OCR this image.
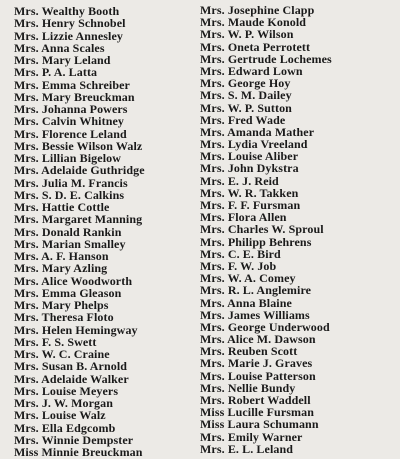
Mrs. Wealthy Booth
Mrs. Henry Schnobel
Mrs. Lizzie Annesley
Mrs. Anna Scales
Mrs. Mary Leland
Mrs. P. A. Latta
Mrs. Emma Schreiber
Mrs. Mary Breuckman
Mrs. Johanna Powers
Mrs. Calvin Whitney
Mrs. Florence Leland
Mrs. Bessie Wilson Walz
Mrs. Lillian Bigelow
Mrs. Adelaide Guthridge
Mrs. Julia M. Francis
Mrs. S. D. E. Calkins
Mrs. Hattie Cottle
Mrs. Margaret Manning
Mrs. Donald Rankin
Mrs. Marian Smalley
Mrs. A. F. Hanson
Mrs. Mary Azling
Mrs. Alice Woodworth
Mrs. Emma Gleason
Mrs. Mary Phelps
Mrs. Theresa Floto
Mrs. Helen Hemingway
Mrs. F. S. Swett
Mrs. W. C. Craine
Mrs. Susan B. Arnold
Mrs. Adelaide Walker
Mrs. Louise Meyers
Mrs. J. W. Morgan
Mrs. Louise Walz
Mrs. Ella Edgcomb
Mrs. Winnie Dempster
Miss Minnie Breuckman
Mrs. Josephine Clapp
Mrs. Maude Konold
Mrs. W. P. Wilson
Mrs. Oneta Perrotett
Mrs. Gertrude Lochemes
Mrs. Edward Lown
Mrs. George Hoy
Mrs. S. M. Dailey
Mrs. W. P. Sutton
Mrs. Fred Wade
Mrs. Amanda Mather
Mrs. Lydia Vreeland
Mrs. Louise Aliber
Mrs. John Dykstra
Mrs. E. J. Reid
Mrs. W. R. Takken
Mrs. F. F. Fursman
Mrs. Flora Allen
Mrs. Charles W. Sproul
Mrs. Philipp Behrens
Mrs. C. E. Bird
Mrs. F. W. Job
Mrs. W. A. Comey
Mrs. R. L. Anglemire
Mrs. Anna Blaine
Mrs. James Williams
Mrs. George Underwood
Mrs. Alice M. Dawson
Mrs. Reuben Scott
Mrs. Marie J. Graves
Mrs. Louise Patterson
Mrs. Nellie Bundy
Mrs. Robert Waddell
Miss Lucille Fursman
Miss Laura Schumann
Mrs. Emily Warner
Mrs. E. L. Leland
